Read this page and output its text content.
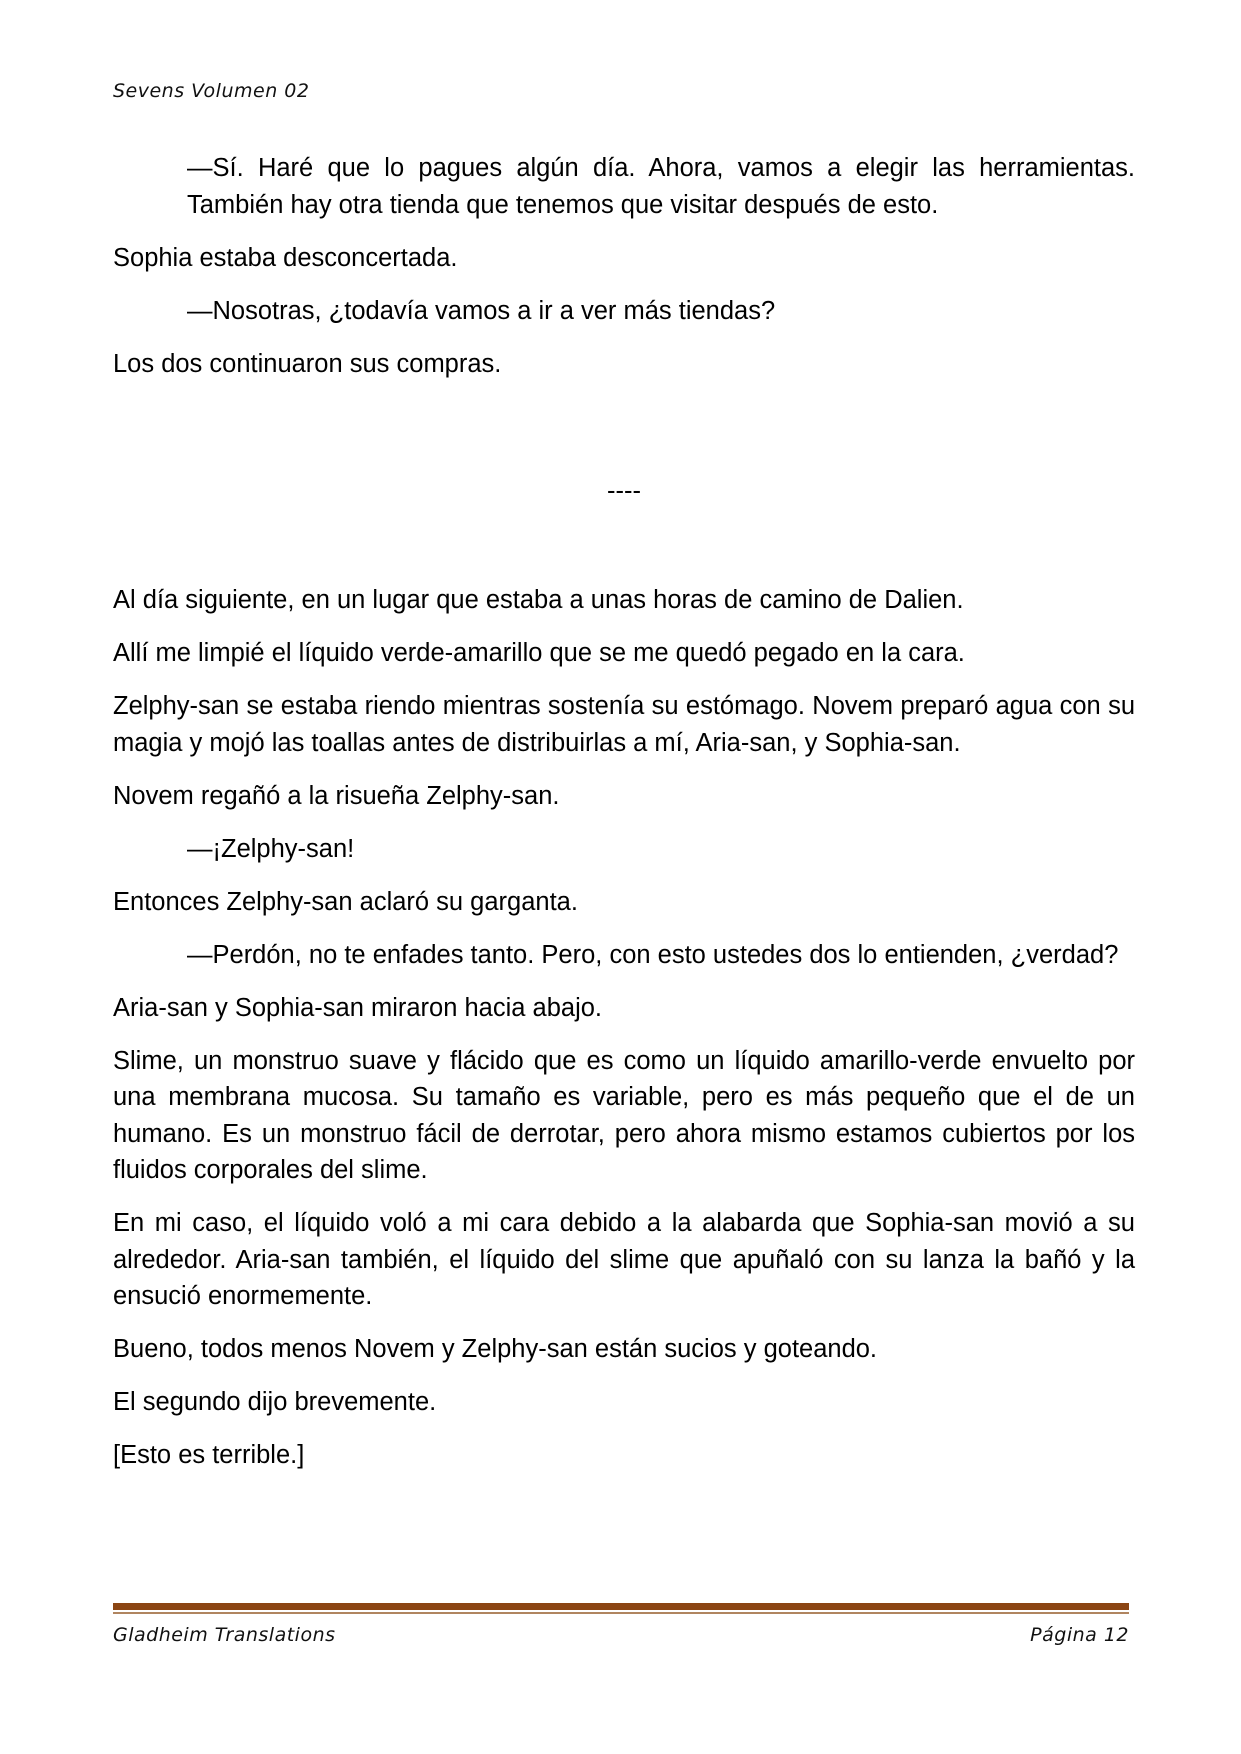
Sevens Volumen 02

—Sí. Haré que lo pagues algún día. Ahora, vamos a elegir las herramientas. También hay otra tienda que tenemos que visitar después de esto.

Sophia estaba desconcertada.

—Nosotras, ¿todavía vamos a ir a ver más tiendas?

Los dos continuaron sus compras.

----

Al día siguiente, en un lugar que estaba a unas horas de camino de Dalien.

Allí me limpié el líquido verde-amarillo que se me quedó pegado en la cara.

Zelphy-san se estaba riendo mientras sostenía su estómago. Novem preparó agua con su magia y mojó las toallas antes de distribuirlas a mí, Aria-san, y Sophia-san.

Novem regañó a la risueña Zelphy-san.

—¡Zelphy-san!

Entonces Zelphy-san aclaró su garganta.

—Perdón, no te enfades tanto. Pero, con esto ustedes dos lo entienden, ¿verdad?

Aria-san y Sophia-san miraron hacia abajo.

Slime, un monstruo suave y flácido que es como un líquido amarillo-verde envuelto por una membrana mucosa. Su tamaño es variable, pero es más pequeño que el de un humano. Es un monstruo fácil de derrotar, pero ahora mismo estamos cubiertos por los fluidos corporales del slime.

En mi caso, el líquido voló a mi cara debido a la alabarda que Sophia-san movió a su alrededor. Aria-san también, el líquido del slime que apuñaló con su lanza la bañó y la ensució enormemente.

Bueno, todos menos Novem y Zelphy-san están sucios y goteando.

El segundo dijo brevemente.

[Esto es terrible.]

Gladheim Translations	Página 12
